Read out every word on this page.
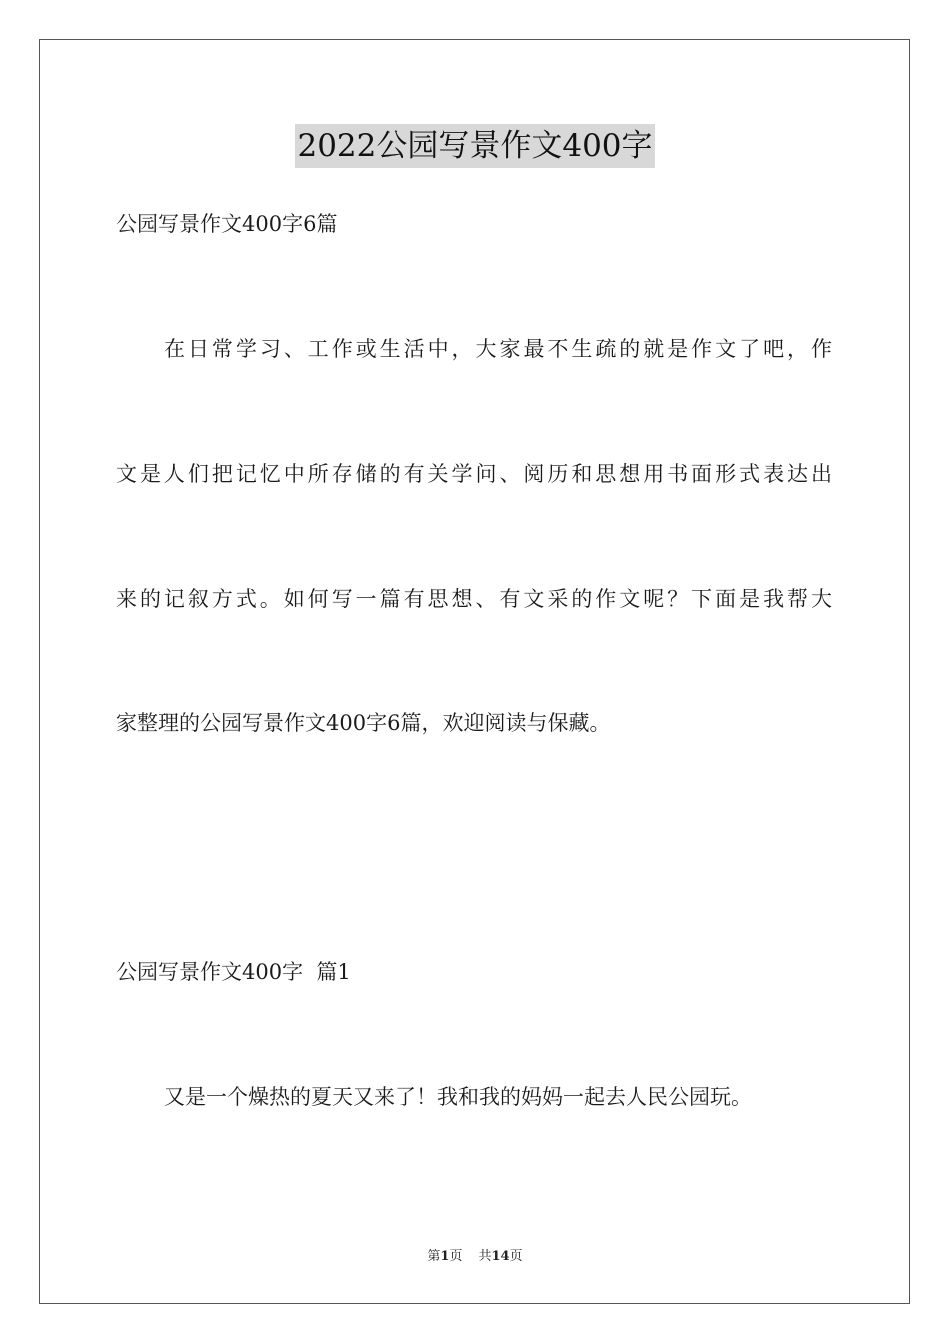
2022公园写景作文400字
公园写景作文400字6篇
在日常学习、工作或生活中，大家最不生疏的就是作文了吧，作
文是人们把记忆中所存储的有关学问、阅历和思想用书面形式表达出
来的记叙方式。如何写一篇有思想、有文采的作文呢？下面是我帮大
家整理的公园写景作文400字6篇，欢迎阅读与保藏。
公园写景作文400字  篇1
又是一个燥热的夏天又来了！我和我的妈妈一起去人民公园玩。
第1页 共14页
